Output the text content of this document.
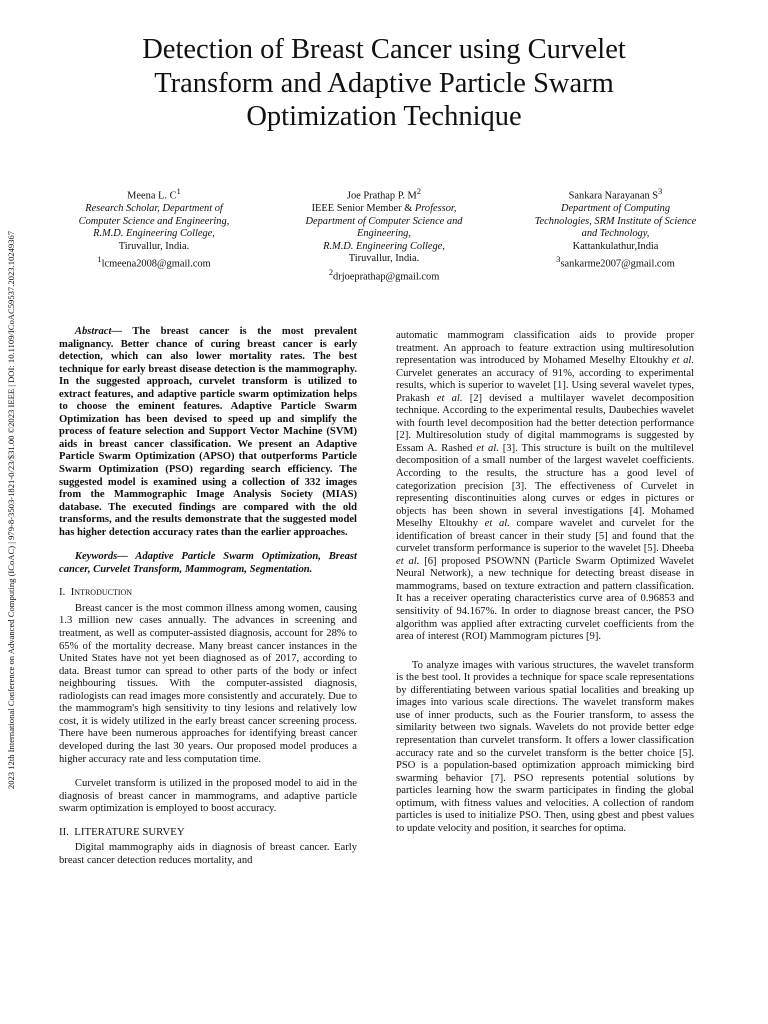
2023 12th International Conference on Advanced Computing (ICoAC) | 979-8-3503-1821-0/23/$31.00 ©2023 IEEE | DOI: 10.1109/ICoAC59537.2023.10249367
Detection of Breast Cancer using Curvelet Transform and Adaptive Particle Swarm Optimization Technique
Meena L. $C^1$
Research Scholar, Department of
Computer Science and Engineering,
R.M.D. Engineering College,
Tiruvallur, India.
$^1$lcmeena2008@gmail.com
Joe Prathap P. $M^2$
IEEE Senior Member & Professor,
Department of Computer Science and
Engineering,
R.M.D. Engineering College,
Tiruvallur, India.
$^2$drjoeprathap@gmail.com
Sankara Narayanan $S^3$
Department of Computing
Technologies, SRM Institute of Science
and Technology,
Kattankulathur,India
$^3$sankarme2007@gmail.com

Abstract— The breast cancer is the most prevalent malignancy. Better chance of curing breast cancer is early detection, which can also lower mortality rates. The best technique for early breast disease detection is the mammography. In the suggested approach, curvelet transform is utilized to extract features, and adaptive particle swarm optimization helps to choose the eminent features. Adaptive Particle Swarm Optimization has been devised to speed up and simplify the process of feature selection and Support Vector Machine (SVM) aids in breast cancer classification. We present an Adaptive Particle Swarm Optimization (APSO) that outperforms Particle Swarm Optimization (PSO) regarding search efficiency. The suggested model is examined using a collection of 332 images from the Mammographic Image Analysis Society (MIAS) database. The executed findings are compared with the old transforms, and the results demonstrate that the suggested model has higher detection accuracy rates than the earlier approaches.

Keywords— Adaptive Particle Swarm Optimization, Breast cancer, Curvelet Transform, Mammogram, Segmentation.

I. Introduction

Breast cancer is the most common illness among women, causing 1.3 million new cases annually. The advances in screening and treatment, as well as computer-assisted diagnosis, account for 28% to 65% of the mortality decrease. Many breast cancer instances in the United States have not yet been diagnosed as of 2017, according to data. Breast tumor can spread to other parts of the body or infect neighbouring tissues. With the computer-assisted diagnosis, radiologists can read images more consistently and accurately. Due to the mammogram's high sensitivity to tiny lesions and relatively low cost, it is widely utilized in the early breast cancer screening process. There have been numerous approaches for identifying breast cancer developed during the last 30 years. Our proposed model produces a higher accuracy rate and less computation time.

Curvelet transform is utilized in the proposed model to aid in the diagnosis of breast cancer in mammograms, and adaptive particle swarm optimization is employed to boost accuracy.

II. LITERATURE SURVEY

Digital mammography aids in diagnosis of breast cancer. Early breast cancer detection reduces mortality, and

automatic mammogram classification aids to provide proper treatment. An approach to feature extraction using multiresolution representation was introduced by Mohamed Meselhy Eltoukhy et al. Curvelet generates an accuracy of 91%, according to experimental results, which is superior to wavelet [1]. Using several wavelet types, Prakash et al. [2] devised a multilayer wavelet decomposition technique. According to the experimental results, Daubechies wavelet with fourth level decomposition had the better detection performance [2]. Multiresolution study of digital mammograms is suggested by Essam A. Rashed et al. [3]. This structure is built on the multilevel decomposition of a small number of the largest wavelet coefficients. According to the results, the structure has a good level of categorization precision [3]. The effectiveness of Curvelet in representing discontinuities along curves or edges in pictures or objects has been shown in several investigations [4]. Mohamed Meselhy Eltoukhy et al. compare wavelet and curvelet for the identification of breast cancer in their study [5] and found that the curvelet transform performance is superior to the wavelet [5]. Dheeba et al. [6] proposed PSOWNN (Particle Swarm Optimized Wavelet Neural Network), a new technique for detecting breast disease in mammograms, based on texture extraction and pattern classification. It has a receiver operating characteristics curve area of 0.96853 and sensitivity of 94.167%. In order to diagnose breast cancer, the PSO algorithm was applied after extracting curvelet coefficients from the area of interest (ROI) Mammogram pictures [9].

To analyze images with various structures, the wavelet transform is the best tool. It provides a technique for space scale representations by differentiating between various spatial localities and breaking up images into various scale directions. The wavelet transform makes use of inner products, such as the Fourier transform, to assess the similarity between two signals. Wavelets do not provide better edge representation than curvelet transform. It offers a lower classification accuracy rate and so the curvelet transform is the better choice [5]. PSO is a population-based optimization approach mimicking bird swarming behavior [7]. PSO represents potential solutions by particles learning how the swarm participates in finding the global optimum, with fitness values and velocities. A collection of random particles is used to initialize PSO. Then, using gbest and pbest values to update velocity and position, it searches for optima.
